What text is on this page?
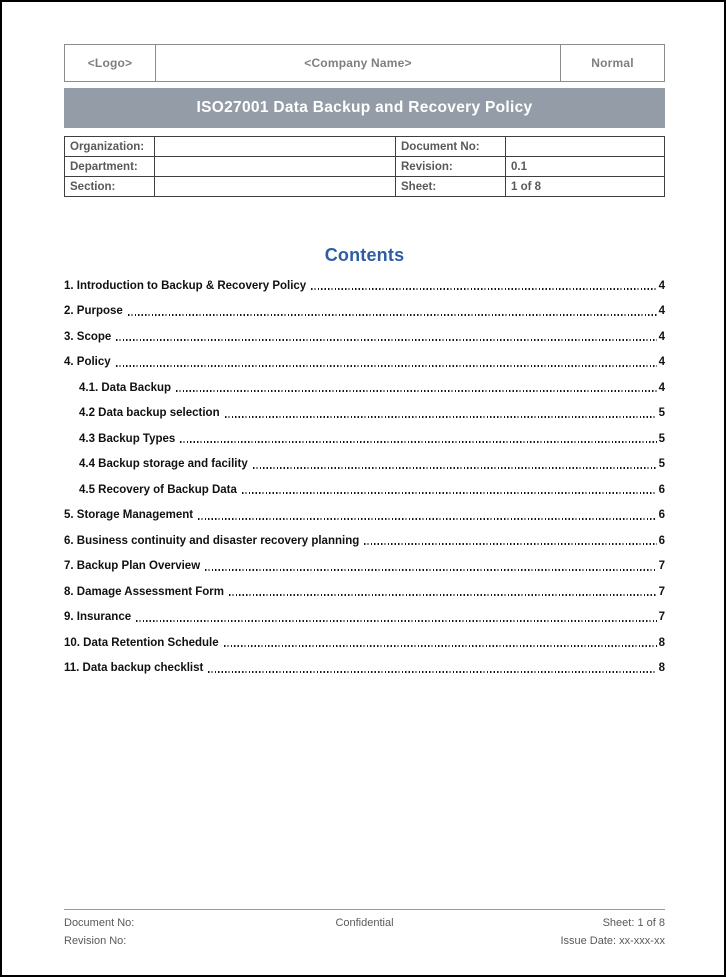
<Logo>	<Company Name>	Normal
ISO27001 Data Backup and Recovery Policy
Organization:	Document No:
Department:	Revision:	0.1
Section:	Sheet:	1 of 8
Contents
1. Introduction to Backup & Recovery Policy	4
2. Purpose	4
3. Scope	4
4. Policy	4
4.1. Data Backup	4
4.2 Data backup selection	5
4.3 Backup Types	5
4.4 Backup storage and facility	5
4.5 Recovery of Backup Data	6
5. Storage Management	6
6. Business continuity and disaster recovery planning	6
7. Backup Plan Overview	7
8. Damage Assessment Form	7
9. Insurance	7
10. Data Retention Schedule	8
11. Data backup checklist	8
Document No:
Revision No:
Confidential	Sheet: 1 of 8
Issue Date: xx-xxx-xx
